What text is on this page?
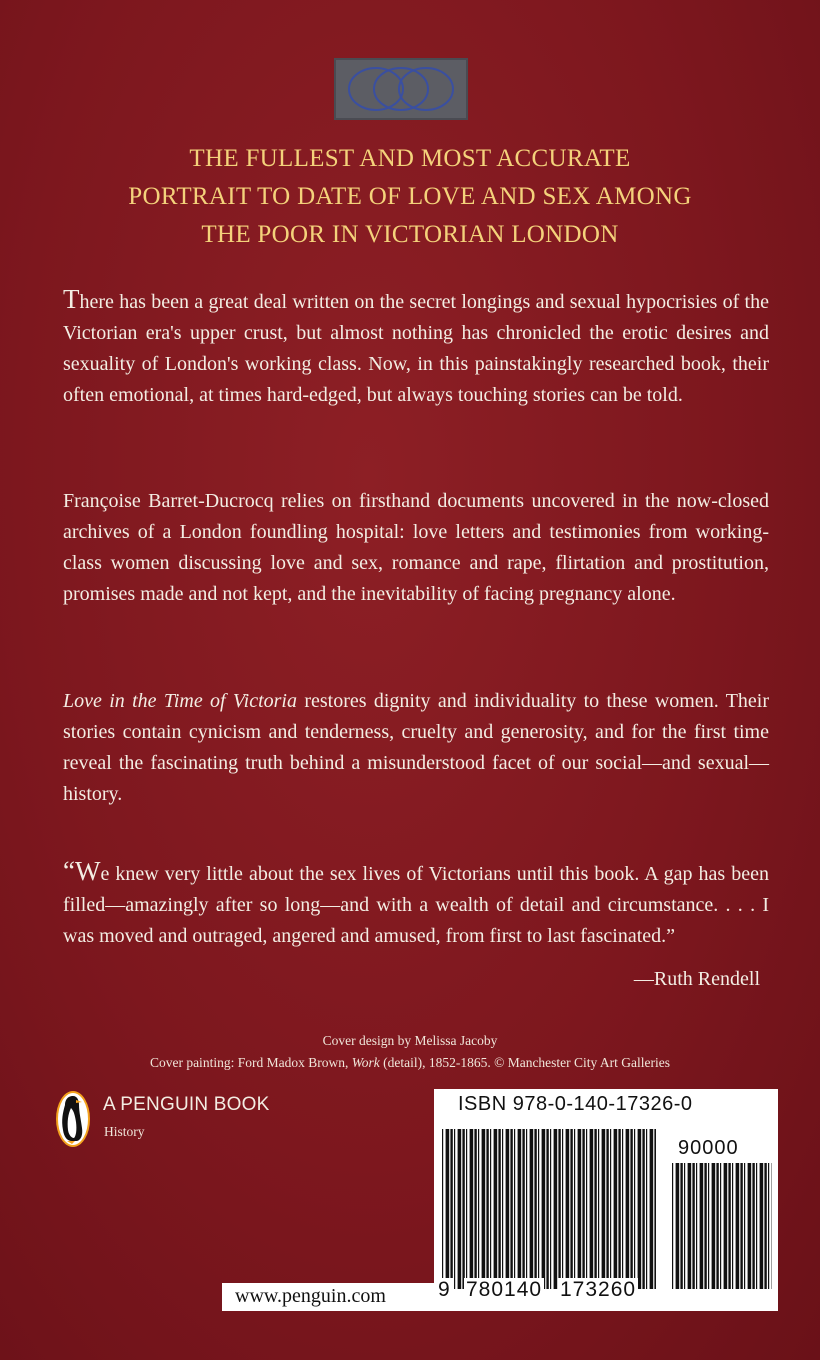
THE FULLEST AND MOST ACCURATE
PORTRAIT TO DATE OF LOVE AND SEX AMONG
THE POOR IN VICTORIAN LONDON
There has been a great deal written on the secret longings and sexual hypocrisies of the Victorian era's upper crust, but almost nothing has chronicled the erotic desires and sexuality of London's working class. Now, in this painstakingly researched book, their often emotional, at times hard-edged, but always touching stories can be told.
Françoise Barret-Ducrocq relies on firsthand documents uncovered in the now-closed archives of a London foundling hospital: love letters and testimonies from working-class women discussing love and sex, romance and rape, flirtation and prostitution, promises made and not kept, and the inevitability of facing pregnancy alone.
Love in the Time of Victoria restores dignity and individuality to these women. Their stories contain cynicism and tenderness, cruelty and generosity, and for the first time reveal the fascinating truth behind a misunderstood facet of our social—and sexual—history.
“We knew very little about the sex lives of Victorians until this book. A gap has been filled—amazingly after so long—and with a wealth of detail and circumstance. . . . I was moved and outraged, angered and amused, from first to last fascinated.”
—Ruth Rendell
Cover design by Melissa Jacoby
Cover painting: Ford Madox Brown, Work (detail), 1852-1865. © Manchester City Art Galleries
A PENGUIN BOOK
History
ISBN 978-0-140-17326-0
90000
9 780140 173260
www.penguin.com
